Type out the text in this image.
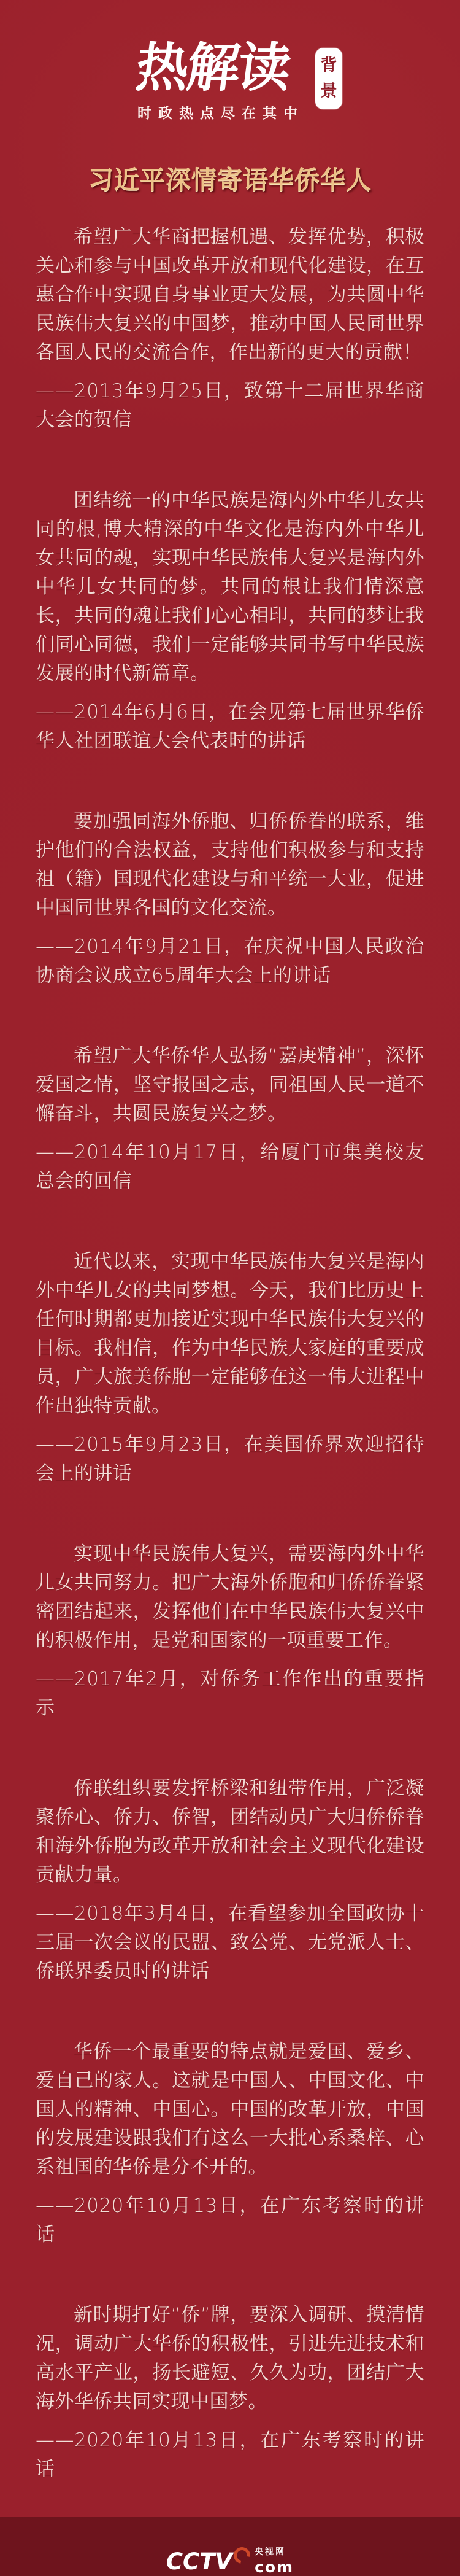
热解读 背景
时政热点尽在其中
习近平深情寄语华侨华人

希望广大华商把握机遇、发挥优势，积极关心和参与中国改革开放和现代化建设，在互惠合作中实现自身事业更大发展，为共圆中华民族伟大复兴的中国梦，推动中国人民同世界各国人民的交流合作，作出新的更大的贡献！

——2013年9月25日，致第十二届世界华商大会的贺信

团结统一的中华民族是海内外中华儿女共同的根,博大精深的中华文化是海内外中华儿女共同的魂，实现中华民族伟大复兴是海内外中华儿女共同的梦。共同的根让我们情深意长，共同的魂让我们心心相印，共同的梦让我们同心同德，我们一定能够共同书写中华民族发展的时代新篇章。

——2014年6月6日，在会见第七届世界华侨华人社团联谊大会代表时的讲话

要加强同海外侨胞、归侨侨眷的联系，维护他们的合法权益，支持他们积极参与和支持祖（籍）国现代化建设与和平统一大业，促进中国同世界各国的文化交流。

——2014年9月21日，在庆祝中国人民政治协商会议成立65周年大会上的讲话

希望广大华侨华人弘扬“嘉庚精神”，深怀爱国之情，坚守报国之志，同祖国人民一道不懈奋斗，共圆民族复兴之梦。

——2014年10月17日，给厦门市集美校友总会的回信

近代以来，实现中华民族伟大复兴是海内外中华儿女的共同梦想。今天，我们比历史上任何时期都更加接近实现中华民族伟大复兴的目标。我相信，作为中华民族大家庭的重要成员，广大旅美侨胞一定能够在这一伟大进程中作出独特贡献。

——2015年9月23日，在美国侨界欢迎招待会上的讲话

实现中华民族伟大复兴，需要海内外中华儿女共同努力。把广大海外侨胞和归侨侨眷紧密团结起来，发挥他们在中华民族伟大复兴中的积极作用，是党和国家的一项重要工作。

——2017年2月，对侨务工作作出的重要指示

侨联组织要发挥桥梁和纽带作用，广泛凝聚侨心、侨力、侨智，团结动员广大归侨侨眷和海外侨胞为改革开放和社会主义现代化建设贡献力量。

——2018年3月4日，在看望参加全国政协十三届一次会议的民盟、致公党、无党派人士、侨联界委员时的讲话

华侨一个最重要的特点就是爱国、爱乡、爱自己的家人。这就是中国人、中国文化、中国人的精神、中国心。中国的改革开放，中国的发展建设跟我们有这么一大批心系桑梓、心系祖国的华侨是分不开的。

——2020年10月13日，在广东考察时的讲话

新时期打好“侨”牌，要深入调研、摸清情况，调动广大华侨的积极性，引进先进技术和高水平产业，扬长避短、久久为功，团结广大海外华侨共同实现中国梦。

——2020年10月13日，在广东考察时的讲话

CCTV	央视网
com
